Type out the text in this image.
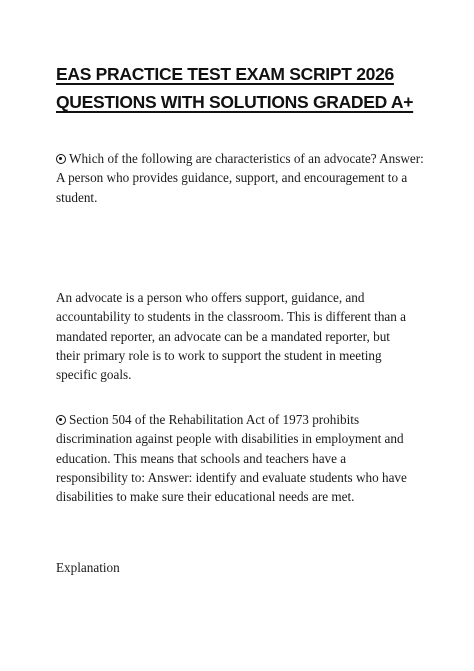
EAS PRACTICE TEST EXAM SCRIPT 2026
QUESTIONS WITH SOLUTIONS GRADED A+
Which of the following are characteristics of an advocate? Answer:
A person who provides guidance, support, and encouragement to a
student.
An advocate is a person who offers support, guidance, and
accountability to students in the classroom. This is different than a
mandated reporter, an advocate can be a mandated reporter, but
their primary role is to work to support the student in meeting
specific goals.
Section 504 of the Rehabilitation Act of 1973 prohibits
discrimination against people with disabilities in employment and
education. This means that schools and teachers have a
responsibility to: Answer: identify and evaluate students who have
disabilities to make sure their educational needs are met.
Explanation
